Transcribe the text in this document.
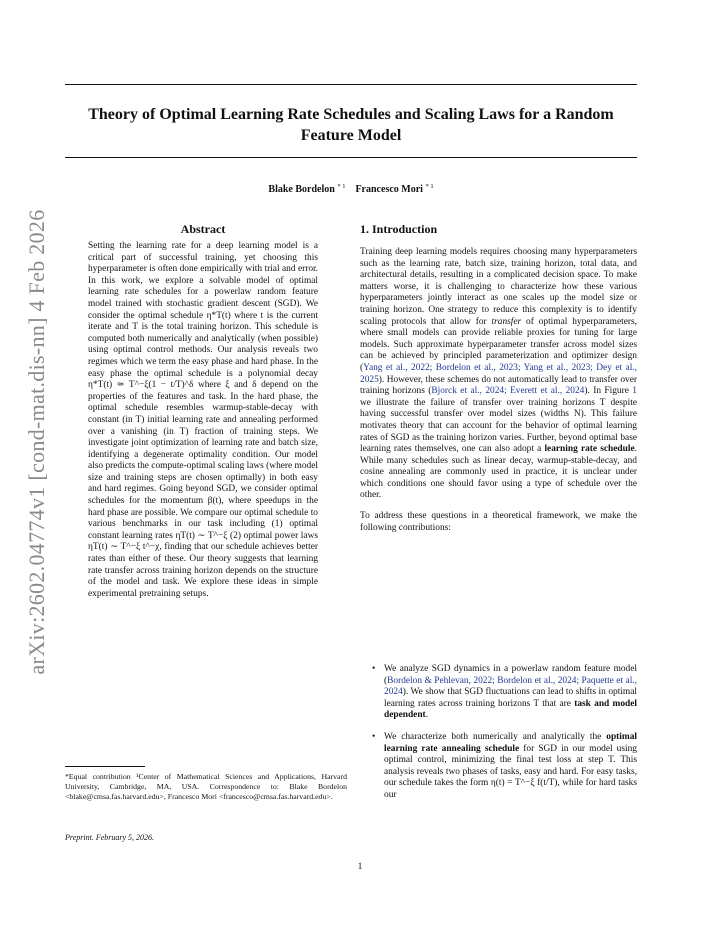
Theory of Optimal Learning Rate Schedules and Scaling Laws for a Random Feature Model
Blake Bordelon $^{* 1}$ Francesco Mori $^{* 1}$
arXiv:2602.04774v1 [cond-mat.dis-nn] 4 Feb 2026	Abstract
Setting the learning rate for a deep learning model is a critical part of successful training, yet choosing this hyperparameter is often done empirically with trial and error. In this work, we explore a solvable model of optimal learning rate schedules for a powerlaw random feature model trained with stochastic gradient descent (SGD). We consider the optimal schedule η*T(t) where t is the current iterate and T is the total training horizon. This schedule is computed both numerically and analytically (when possible) using optimal control methods. Our analysis reveals two regimes which we term the easy phase and hard phase. In the easy phase the optimal schedule is a polynomial decay η*T(t) ≃ T^−ξ(1 − t/T)^δ where ξ and δ depend on the properties of the features and task. In the hard phase, the optimal schedule resembles warmup-stable-decay with constant (in T) initial learning rate and annealing performed over a vanishing (in T) fraction of training steps. We investigate joint optimization of learning rate and batch size, identifying a degenerate optimality condition. Our model also predicts the compute-optimal scaling laws (where model size and training steps are chosen optimally) in both easy and hard regimes. Going beyond SGD, we consider optimal schedules for the momentum β(t), where speedups in the hard phase are possible. We compare our optimal schedule to various benchmarks in our task including (1) optimal constant learning rates ηT(t) ∼ T^−ξ (2) optimal power laws ηT(t) ∼ T^−ξ t^−χ, finding that our schedule achieves better rates than either of these. Our theory suggests that learning rate transfer across training horizon depends on the structure of the model and task. We explore these ideas in simple experimental pretraining setups.
*Equal contribution ¹Center of Mathematical Sciences and Applications, Harvard University, Cambridge, MA, USA. Correspondence to: Blake Bordelon <blake@cmsa.fas.harvard.edu>, Francesco Mori <francesco@cmsa.fas.harvard.edu>.
Preprint. February 5, 2026.
1. Introduction

Training deep learning models requires choosing many hyperparameters such as the learning rate, batch size, training horizon, total data, and architectural details, resulting in a complicated decision space. To make matters worse, it is challenging to characterize how these various hyperparameters jointly interact as one scales up the model size or training horizon. One strategy to reduce this complexity is to identify scaling protocols that allow for transfer of optimal hyperparameters, where small models can provide reliable proxies for tuning for large models. Such approximate hyperparameter transfer across model sizes can be achieved by principled parameterization and optimizer design (Yang et al., 2022; Bordelon et al., 2023; Yang et al., 2023; Dey et al., 2025). However, these schemes do not automatically lead to transfer over training horizons (Bjorck et al., 2024; Everett et al., 2024). In Figure 1 we illustrate the failure of transfer over training horizons T despite having successful transfer over model sizes (widths N). This failure motivates theory that can account for the behavior of optimal learning rates of SGD as the training horizon varies. Further, beyond optimal base learning rates themselves, one can also adopt a learning rate schedule. While many schedules such as linear decay, warmup-stable-decay, and cosine annealing are commonly used in practice, it is unclear under which conditions one should favor using a type of schedule over the other.

To address these questions in a theoretical framework, we make the following contributions:

• We analyze SGD dynamics in a powerlaw random feature model (Bordelon & Pehlevan, 2022; Bordelon et al., 2024; Paquette et al., 2024). We show that SGD fluctuations can lead to shifts in optimal learning rates across training horizons T that are task and model dependent.
• We characterize both numerically and analytically the optimal learning rate annealing schedule for SGD in our model using optimal control, minimizing the final test loss at step T. This analysis reveals two phases of tasks, easy and hard. For easy tasks, our schedule takes the form η(t) = T^−ξ f(t/T), while for hard tasks our
1
